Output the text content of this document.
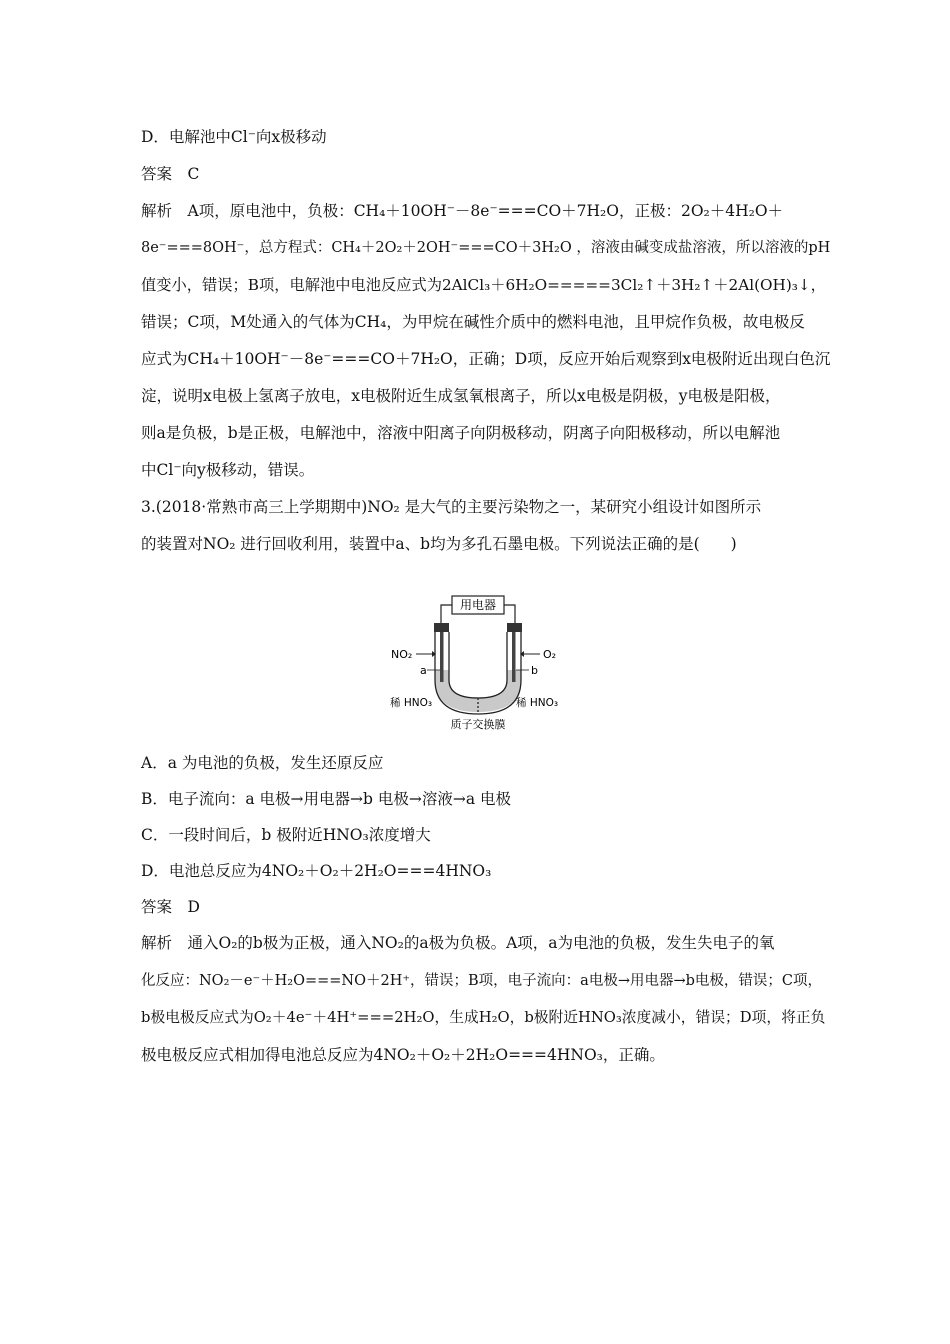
D．电解池中Cl⁻向x极移动
答案　C
解析　A项，原电池中，负极：CH₄＋10OH⁻－8e⁻===CO＋7H₂O，正极：2O₂＋4H₂O＋
8e⁻===8OH⁻，总方程式：CH₄＋2O₂＋2OH⁻===CO＋3H₂O ，溶液由碱变成盐溶液，所以溶液的pH
值变小，错误；B项，电解池中电池反应式为2AlCl₃＋6H₂O=====3Cl₂↑＋3H₂↑＋2Al(OH)₃↓，
错误；C项，M处通入的气体为CH₄，为甲烷在碱性介质中的燃料电池，且甲烷作负极，故电极反
应式为CH₄＋10OH⁻－8e⁻===CO＋7H₂O，正确；D项，反应开始后观察到x电极附近出现白色沉
淀，说明x电极上氢离子放电，x电极附近生成氢氧根离子，所以x电极是阴极，y电极是阳极，
则a是负极，b是正极，电解池中，溶液中阳离子向阴极移动，阴离子向阳极移动，所以电解池
中Cl⁻向y极移动，错误。
3.(2018·常熟市高三上学期期中)NO₂ 是大气的主要污染物之一，某研究小组设计如图所示
的装置对NO₂ 进行回收利用，装置中a、b均为多孔石墨电极。下列说法正确的是(　　)
用电器
NO₂	O₂
a	b
稀 HNO₃	稀 HNO₃
质子交换膜
A．a 为电池的负极，发生还原反应
B．电子流向：a 电极→用电器→b 电极→溶液→a 电极
C．一段时间后，b 极附近HNO₃浓度增大
D．电池总反应为4NO₂＋O₂＋2H₂O===4HNO₃
答案　D
解析　通入O₂的b极为正极，通入NO₂的a极为负极。A项，a为电池的负极，发生失电子的氧
化反应：NO₂－e⁻＋H₂O===NO＋2H⁺，错误；B项，电子流向：a电极→用电器→b电极，错误；C项，
b极电极反应式为O₂＋4e⁻＋4H⁺===2H₂O，生成H₂O，b极附近HNO₃浓度减小，错误；D项，将正负
极电极反应式相加得电池总反应为4NO₂＋O₂＋2H₂O===4HNO₃，正确。
